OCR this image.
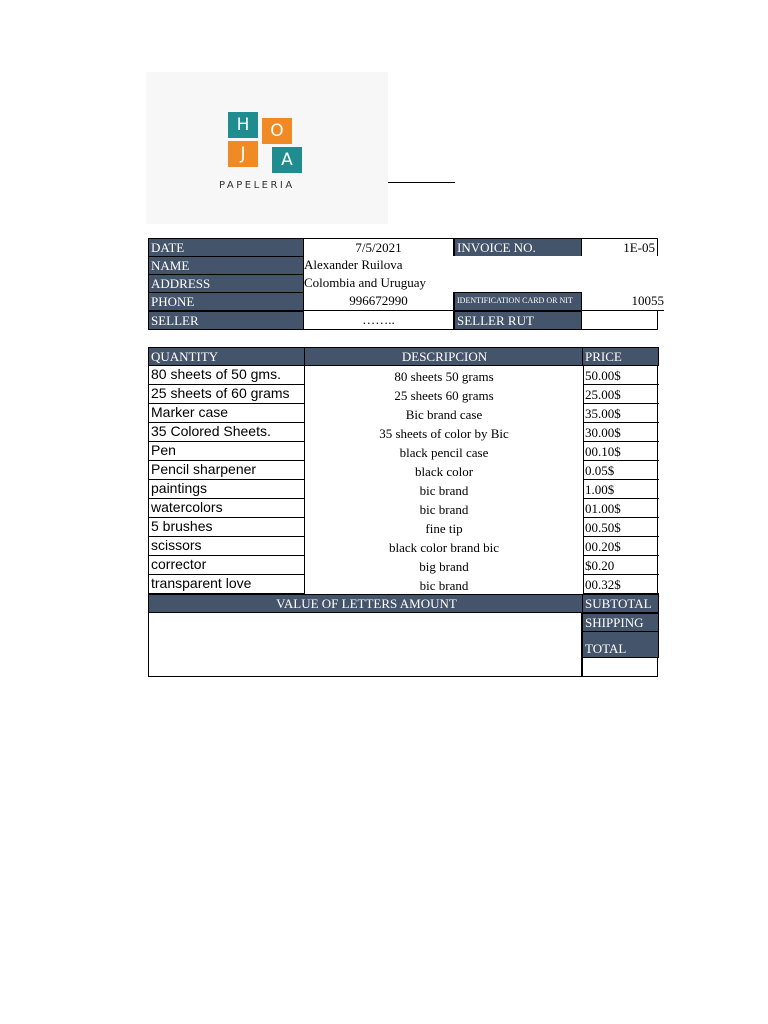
H	O
J	A
PAPELERIA
DATE	7/5/2021	INVOICE NO.	1E-05
NAME	Alexander Ruilova
ADDRESS	Colombia and Uruguay
PHONE	996672990	IDENTIFICATION CARD OR NIT	10055
SELLER	……..	SELLER RUT
QUANTITY	DESCRIPCION	PRICE
80 sheets of 50 gms.	80 sheets 50 grams	50.00$
25 sheets of 60 grams	25 sheets 60 grams	25.00$
Marker case	Bic brand case	35.00$
35 Colored Sheets.	35 sheets of color by Bic	30.00$
Pen	black pencil case	00.10$
Pencil sharpener	black color	0.05$
paintings	bic brand	1.00$
watercolors	bic brand	01.00$
5 brushes	fine tip	00.50$
scissors	black color brand bic	00.20$
corrector	big brand	$0.20
transparent love	bic brand	00.32$
VALUE OF LETTERS AMOUNT	SUBTOTAL
SHIPPING
TOTAL
